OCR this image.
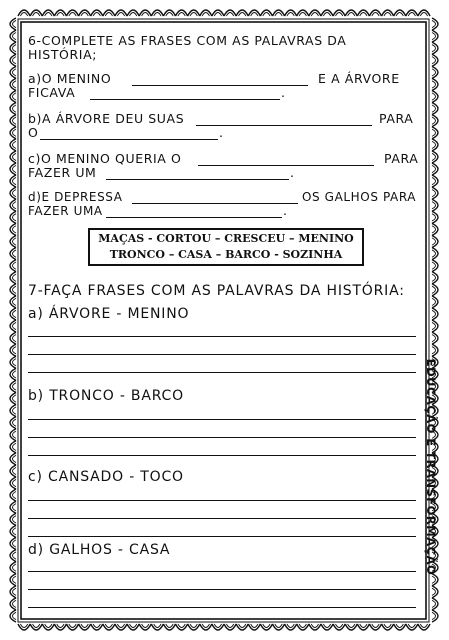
6-COMPLETE AS FRASES COM AS PALAVRAS DA
HISTÓRIA;
a)O MENINO	E A ÁRVORE
FICAVA	.
b)A ÁRVORE DEU SUAS	PARA
O	.
c)O MENINO QUERIA O	PARA
FAZER UM	.
d)E DEPRESSA	OS GALHOS PARA
FAZER UMA	.
MAÇAS - CORTOU – CRESCEU – MENINO
TRONCO – CASA – BARCO - SOZINHA
7-FAÇA FRASES COM AS PALAVRAS DA HISTÓRIA:
a) ÁRVORE - MENINO
b) TRONCO - BARCO
c) CANSADO - TOCO
d) GALHOS - CASA	EDUCAÇÃO E TRANSFORMAÇÃO
